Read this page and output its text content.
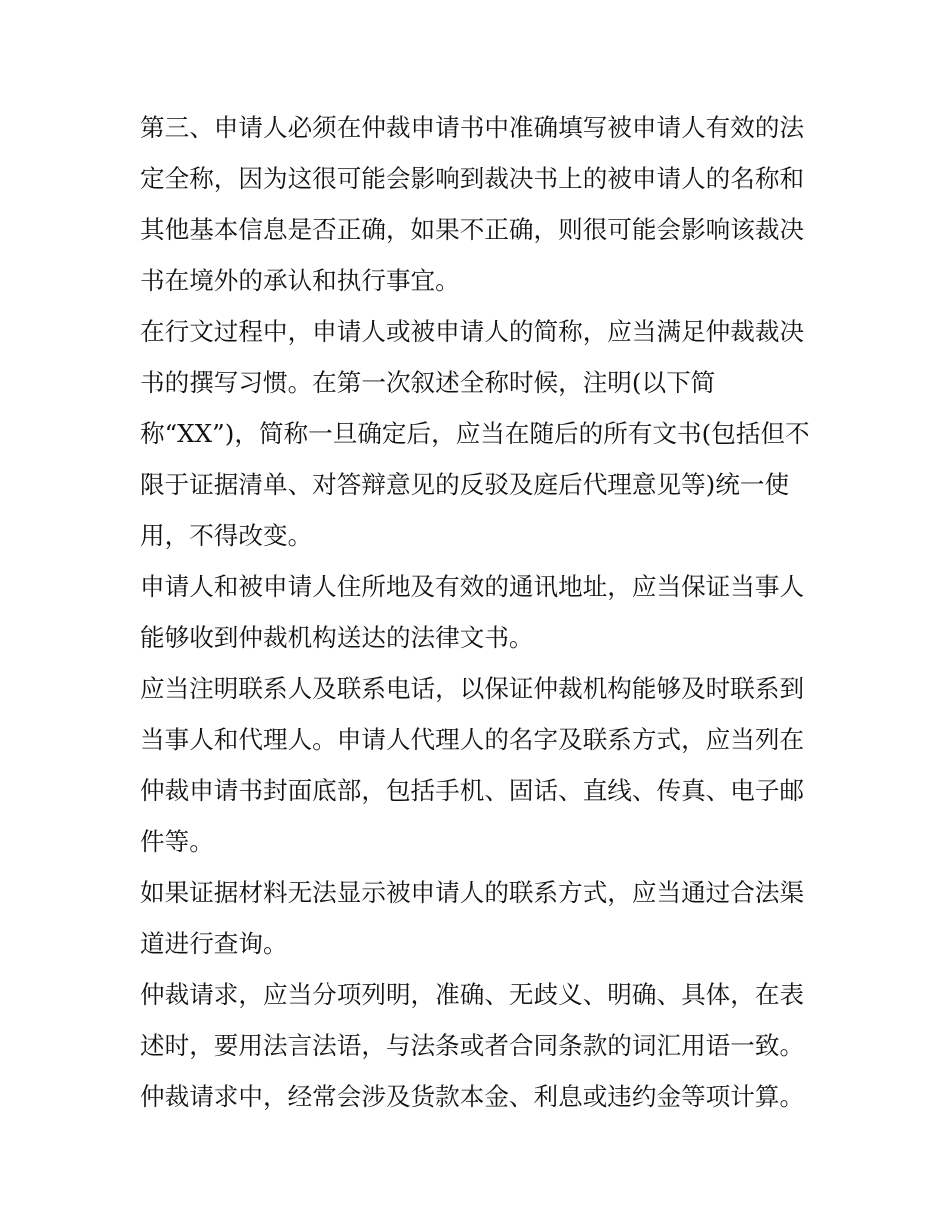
第三、申请人必须在仲裁申请书中准确填写被申请人有效的法
定全称，因为这很可能会影响到裁决书上的被申请人的名称和
其他基本信息是否正确，如果不正确，则很可能会影响该裁决
书在境外的承认和执行事宜。
在行文过程中，申请人或被申请人的简称，应当满足仲裁裁决
书的撰写习惯。在第一次叙述全称时候，注明(以下简
称“XX”)，简称一旦确定后，应当在随后的所有文书(包括但不
限于证据清单、对答辩意见的反驳及庭后代理意见等)统一使
用，不得改变。
申请人和被申请人住所地及有效的通讯地址，应当保证当事人
能够收到仲裁机构送达的法律文书。
应当注明联系人及联系电话，以保证仲裁机构能够及时联系到
当事人和代理人。申请人代理人的名字及联系方式，应当列在
仲裁申请书封面底部，包括手机、固话、直线、传真、电子邮
件等。
如果证据材料无法显示被申请人的联系方式，应当通过合法渠
道进行查询。
仲裁请求，应当分项列明，准确、无歧义、明确、具体，在表
述时，要用法言法语，与法条或者合同条款的词汇用语一致。
仲裁请求中，经常会涉及货款本金、利息或违约金等项计算。
